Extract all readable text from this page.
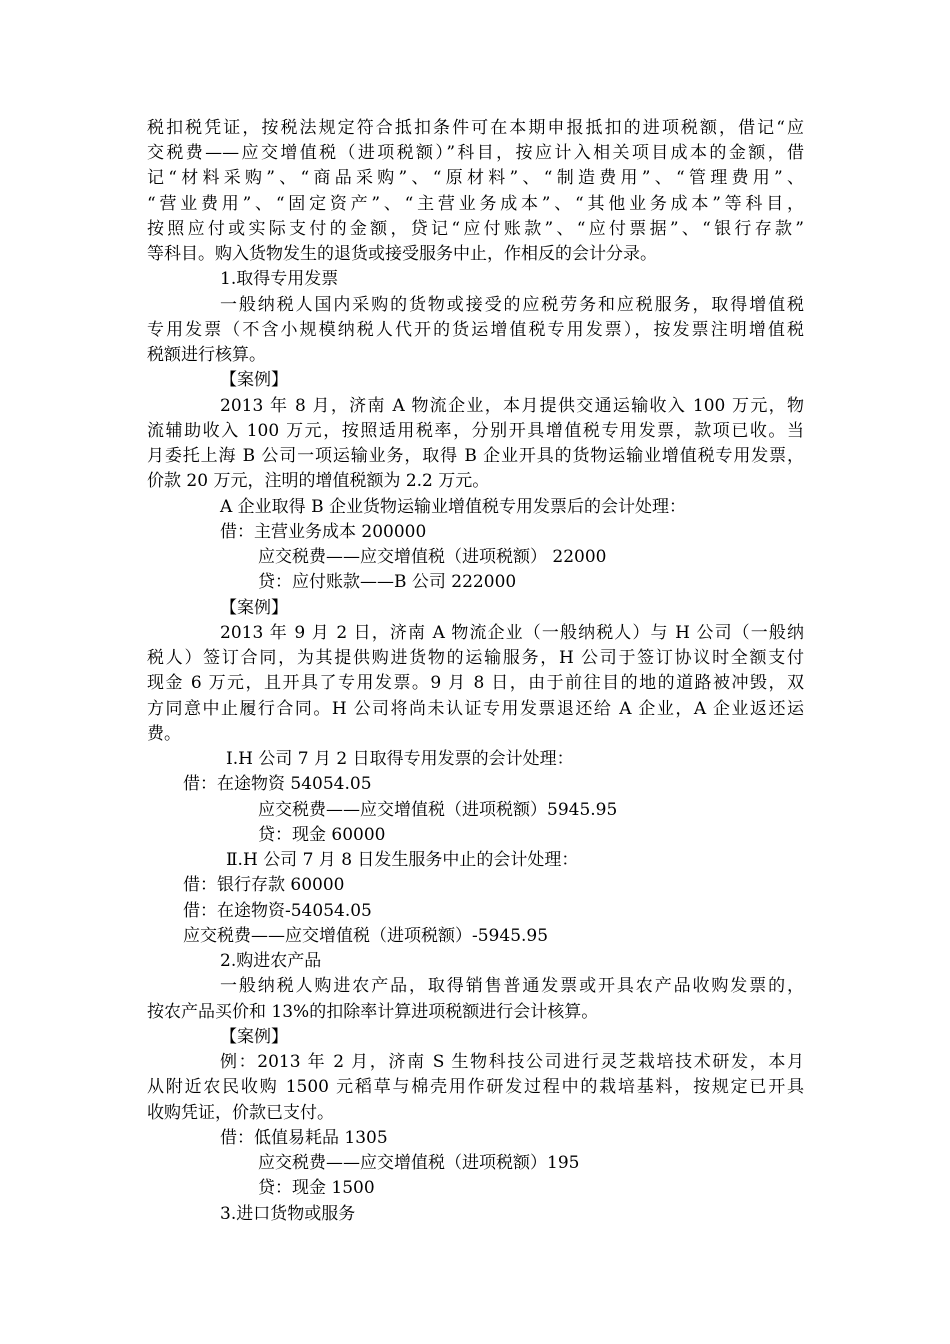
税扣税凭证，按税法规定符合抵扣条件可在本期申报抵扣的进项税额，借记“应
交税费——应交增值税（进项税额）”科目，按应计入相关项目成本的金额，借
记“材料采购”、“商品采购”、“原材料”、“制造费用”、“管理费用”、
“营业费用”、“固定资产”、“主营业务成本”、“其他业务成本”等科目，
按照应付或实际支付的金额，贷记“应付账款”、“应付票据”、“银行存款”
等科目。购入货物发生的退货或接受服务中止，作相反的会计分录。
1.取得专用发票
一般纳税人国内采购的货物或接受的应税劳务和应税服务，取得增值税
专用发票（不含小规模纳税人代开的货运增值税专用发票），按发票注明增值税
税额进行核算。
【案例】
2013 年 8 月，济南 A 物流企业，本月提供交通运输收入 100 万元，物
流辅助收入 100 万元，按照适用税率，分别开具增值税专用发票，款项已收。当
月委托上海 B 公司一项运输业务，取得 B 企业开具的货物运输业增值税专用发票，
价款 20 万元，注明的增值税额为 2.2 万元。
A 企业取得 B 企业货物运输业增值税专用发票后的会计处理：
借：主营业务成本 200000
应交税费——应交增值税（进项税额） 22000
贷：应付账款——B 公司 222000
【案例】
2013 年 9 月 2 日，济南 A 物流企业（一般纳税人）与 H 公司（一般纳
税人）签订合同，为其提供购进货物的运输服务，H 公司于签订协议时全额支付
现金 6 万元，且开具了专用发票。9 月 8 日，由于前往目的地的道路被冲毁，双
方同意中止履行合同。H 公司将尚未认证专用发票退还给 A 企业，A 企业返还运
费。
Ⅰ.H 公司 7 月 2 日取得专用发票的会计处理：
借：在途物资 54054.05
应交税费——应交增值税（进项税额）5945.95
贷：现金 60000
Ⅱ.H 公司 7 月 8 日发生服务中止的会计处理：
借：银行存款 60000
借：在途物资-54054.05
应交税费——应交增值税（进项税额）-5945.95
2.购进农产品
一般纳税人购进农产品，取得销售普通发票或开具农产品收购发票的，
按农产品买价和 13%的扣除率计算进项税额进行会计核算。
【案例】
例：2013 年 2 月，济南 S 生物科技公司进行灵芝栽培技术研发，本月
从附近农民收购 1500 元稻草与棉壳用作研发过程中的栽培基料，按规定已开具
收购凭证，价款已支付。
借：低值易耗品 1305
应交税费——应交增值税（进项税额）195
贷：现金 1500
3.进口货物或服务
